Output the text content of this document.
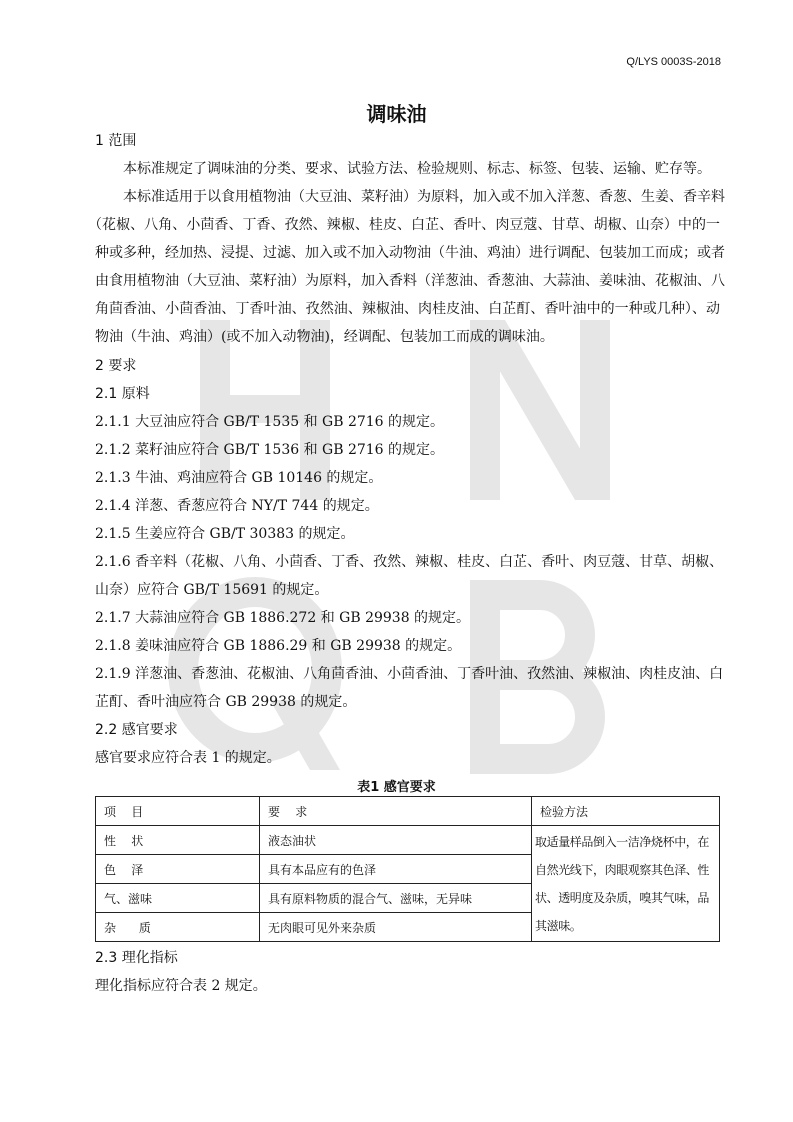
Q/LYS 0003S-2018
调味油
1 范围
本标准规定了调味油的分类、要求、试验方法、检验规则、标志、标签、包装、运输、贮存等。
本标准适用于以食用植物油（大豆油、菜籽油）为原料，加入或不加入洋葱、香葱、生姜、香辛料
（花椒、八角、小茴香、丁香、孜然、辣椒、桂皮、白芷、香叶、肉豆蔻、甘草、胡椒、山奈）中的一
种或多种，经加热、浸提、过滤、加入或不加入动物油（牛油、鸡油）进行调配、包装加工而成；或者
由食用植物油（大豆油、菜籽油）为原料，加入香料（洋葱油、香葱油、大蒜油、姜味油、花椒油、八
角茴香油、小茴香油、丁香叶油、孜然油、辣椒油、肉桂皮油、白芷酊、香叶油中的一种或几种）、动
物油（牛油、鸡油）(或不加入动物油)，经调配、包装加工而成的调味油。
2 要求
2.1 原料
2.1.1 大豆油应符合 GB/T 1535 和 GB 2716 的规定。
2.1.2 菜籽油应符合 GB/T 1536 和 GB 2716 的规定。
2.1.3 牛油、鸡油应符合 GB 10146 的规定。
2.1.4 洋葱、香葱应符合 NY/T 744 的规定。
2.1.5 生姜应符合 GB/T 30383 的规定。
2.1.6 香辛料（花椒、八角、小茴香、丁香、孜然、辣椒、桂皮、白芷、香叶、肉豆蔻、甘草、胡椒、
山奈）应符合 GB/T 15691 的规定。
2.1.7 大蒜油应符合 GB 1886.272 和 GB 29938 的规定。
2.1.8 姜味油应符合 GB 1886.29 和 GB 29938 的规定。
2.1.9 洋葱油、香葱油、花椒油、八角茴香油、小茴香油、丁香叶油、孜然油、辣椒油、肉桂皮油、白
芷酊、香叶油应符合 GB 29938 的规定。
2.2 感官要求
感官要求应符合表 1 的规定。
表1 感官要求
项    目	要    求	检验方法
性    状	液态油状	取适量样品倒入一洁净烧杯中，在
自然光线下，肉眼观察其色泽、性
状、透明度及杂质，嗅其气味，品
其滋味。

色    泽	具有本品应有的色泽	
气、滋味	具有原料物质的混合气、滋味，无异味	
杂      质	无肉眼可见外来杂质	
2.3 理化指标
理化指标应符合表 2 规定。
